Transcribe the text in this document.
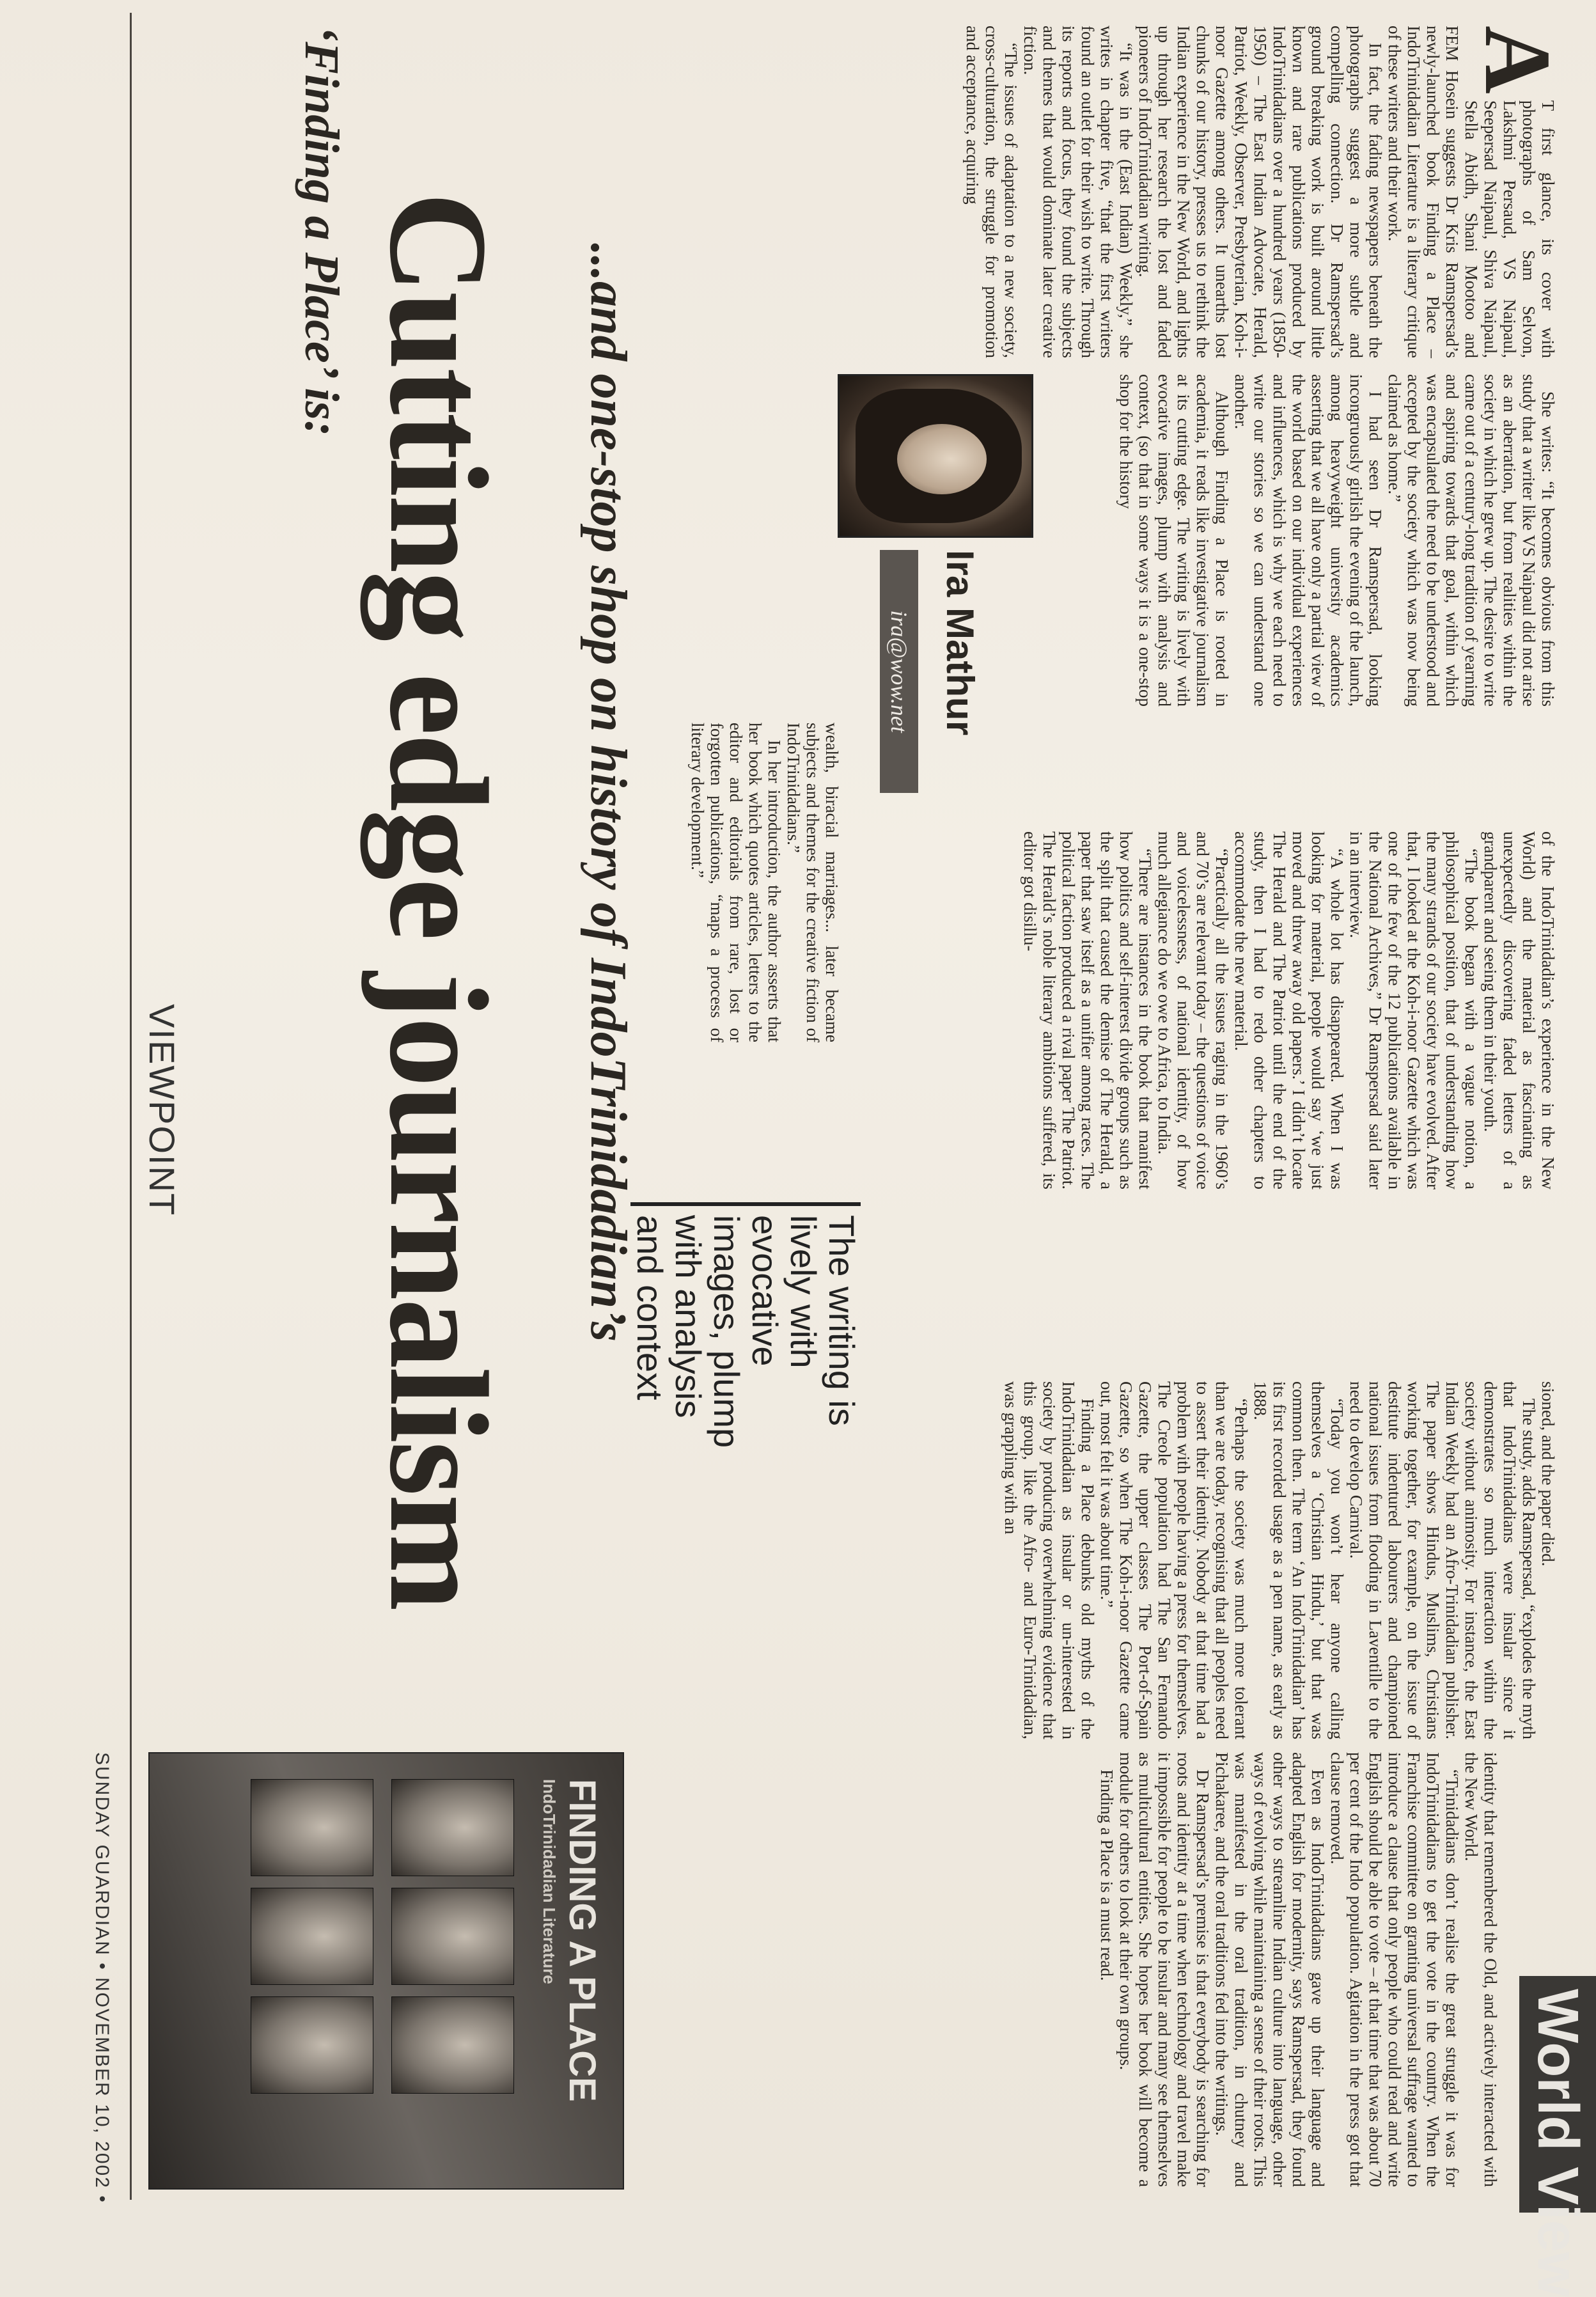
SUNDAY GUARDIAN • NOVEMBER 10, 2002 •
VIEWPOINT
‘Finding a Place’ is: Cutting edge journalism ...and one-stop shop on history of IndoTrinidadian’s
A

T first glance, its cover with photographs of Sam Selvon, Lakshmi Persaud, VS Naipaul, Seepersad Naipaul, Shiva Naipaul, Stella Abidh, Shani Mootoo and FEM Hosein suggests Dr Kris Ramspersad’s newly-launched book Finding a Place – IndoTrinidadian Literature is a literary critique of these writers and their work.

In fact, the fading newspapers beneath the photographs suggest a more subtle and compelling connection. Dr Ramspersad’s ground breaking work is built around little known and rare publications produced by IndoTrinidadians over a hundred years (1850-1950) – The East Indian Advocate, Herald, Patriot, Weekly, Observer, Presbyterian, Koh-i-noor Gazette among others. It unearths lost chunks of our history, presses us to rethink the Indian experience in the New World, and lights up through her research the lost and faded pioneers of IndoTrinidadian writing.

“It was in the (East Indian) Weekly,” she writes in chapter five, “that the first writers found an outlet for their wish to write. Through its reports and focus, they found the subjects and themes that would dominate later creative fiction.

“The issues of adaptation to a new society, cross-culturation, the struggle for promotion and acceptance, acquiring

Ira Mathur
ira@wow.net	She writes: “It becomes obvious from this study that a writer like VS Naipaul did not arise as an aberration, but from realities within the society in which he grew up. The desire to write came out of a century-long tradition of yearning and aspiring towards that goal, within which was encapsulated the need to be understood and accepted by the society which was now being claimed as home.”

I had seen Dr Ramspersad, looking incongruously girlish the evening of the launch, among heavyweight university academics asserting that we all have only a partial view of the world based on our individual experiences and influences, which is why we each need to write our stories so we can understand one another.

Although Finding a Place is rooted in academia, it reads like investigative journalism at its cutting edge. The writing is lively with evocative images, plump with analysis and context, (so that in some ways it is a one-stop shop for the history

wealth, biracial marriages... later became subjects and themes for the creative fiction of IndoTrinidadians.”

In her introduction, the author asserts that her book which quotes articles, letters to the editor and editorials from rare, lost or forgotten publications, “maps a process of literary development.”

of the IndoTrinidadian’s experience in the New World) and the material as fascinating as unexpectedly discovering faded letters of a grandparent and seeing them in their youth.

“The book began with a vague notion, a philosophical position, that of understanding how the many strands of our society have evolved. After that, I looked at the Koh-i-noor Gazette which was one of the few of the 12 publications available in the National Archives,” Dr Ramspersad said later in an interview.

“A whole lot has disappeared. When I was looking for material, people would say ‘we just moved and threw away old papers.’ I didn’t locate The Herald and The Patriot until the end of the study, then I had to redo other chapters to accommodate the new material.

“Practically all the issues raging in the 1960’s and 70’s are relevant today – the questions of voice and voicelessness, of national identity, of how much allegiance do we owe to Africa, to India.

“There are instances in the book that manifest how politics and self-interest divide groups such as the split that caused the demise of The Herald, a paper that saw itself as a unifier among races. The political faction produced a rival paper The Patriot. The Herald’s noble literary ambitions suffered, its editor got disillu-

The writing is lively with evocative images, plump with analysis and context

sioned, and the paper died.

The study, adds Ramspersad, “explodes the myth that IndoTrinidadians were insular since it demonstrates so much interaction within the society without animosity. For instance, the East Indian Weekly had an Afro-Trinidadian publisher. The paper shows Hindus, Muslims, Christians working together, for example, on the issue of destitute indentured labourers and championed national issues from flooding in Laventille to the need to develop Carnival.

“Today you won’t hear anyone calling themselves a ‘Christian Hindu,’ but that was common then. The term ‘An IndoTrinidadian’ has its first recorded usage as a pen name, as early as 1888.

“Perhaps the society was much more tolerant than we are today, recognising that all peoples need to assert their identity. Nobody at that time had a problem with people having a press for themselves. The Creole population had The San Fernando Gazette, the upper classes The Port-of-Spain Gazette, so when The Koh-i-noor Gazette came out, most felt it was about time.”

Finding a Place debunks old myths of the IndoTrinidadian as insular or un-interested in society by producing overwhelming evidence that this group, like the Afro- and Euro-Trinidadian, was grappling with an

identity that remembered the Old, and actively interacted with the New World.

“Trinidadians don’t realise the great struggle it was for IndoTrinidadians to get the vote in the country. When the Franchise committee on granting universal suffrage wanted to introduce a clause that only people who could read and write English should be able to vote – at that time that was about 70 per cent of the Indo population. Agitation in the press got that clause removed.

Even as IndoTrinidadians gave up their language and adapted English for modernity, says Ramspersad, they found other ways to streamline Indian culture into language, other ways of evolving while maintaining a sense of their roots. This was manifested in the oral tradition, in chutney and Pichakaree, and the oral traditions fed into the writings.

Dr Ramspersad’s premise is that everybody is searching for roots and identity at a time when technology and travel make it impossible for people to be insular and many see themselves as multicultural entities. She hopes her book will become a module for others to look at their own groups.

Finding a Place is a must read.

FINDING A PLACE
IndoTrinidadian Literature
World View
